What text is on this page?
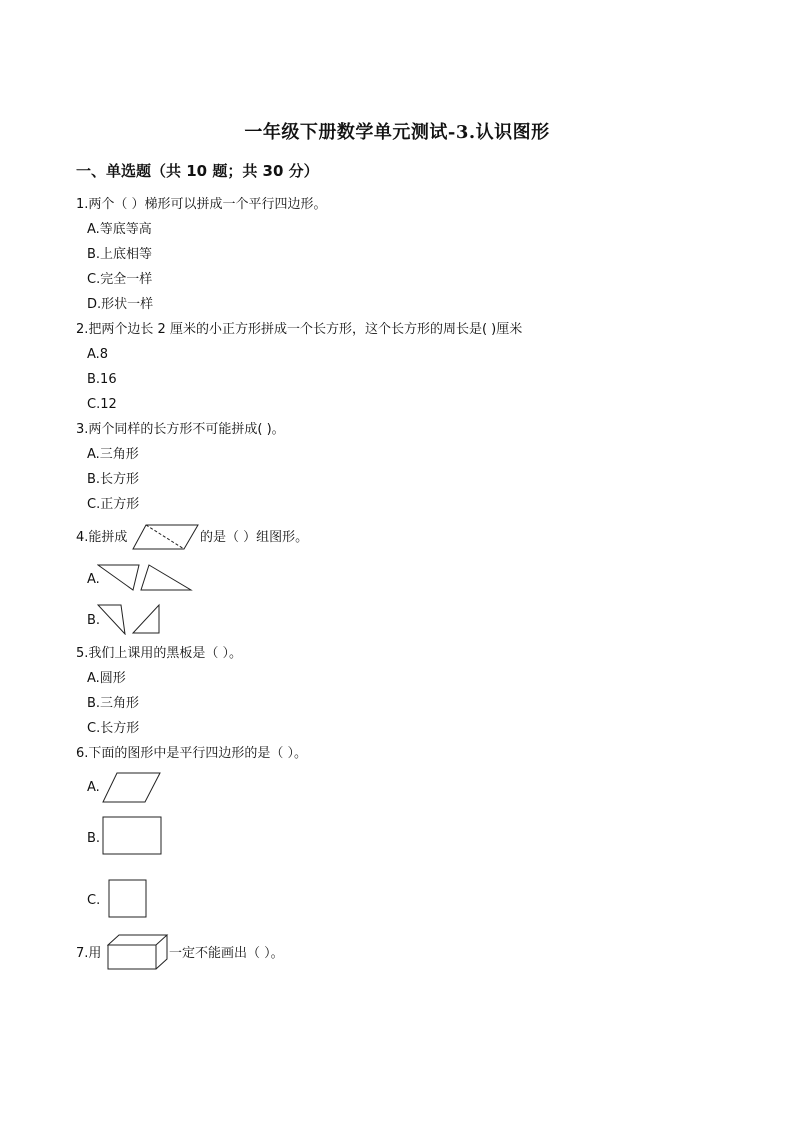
一年级下册数学单元测试-3.认识图形
一、单选题（共 10 题；共 30 分）
1.两个（ ）梯形可以拼成一个平行四边形。
A.等底等高
B.上底相等
C.完全一样
D.形状一样
2.把两个边长 2 厘米的小正方形拼成一个长方形，这个长方形的周长是( )厘米
A.8
B.16
C.12
3.两个同样的长方形不可能拼成( )。
A.三角形
B.长方形
C.正方形
4.能拼成	的是（ ）组图形。
A.
B.
5.我们上课用的黑板是（ ）。
A.圆形
B.三角形
C.长方形
6.下面的图形中是平行四边形的是（ ）。
A.
B.
C.
7.用	一定不能画出（ ）。
